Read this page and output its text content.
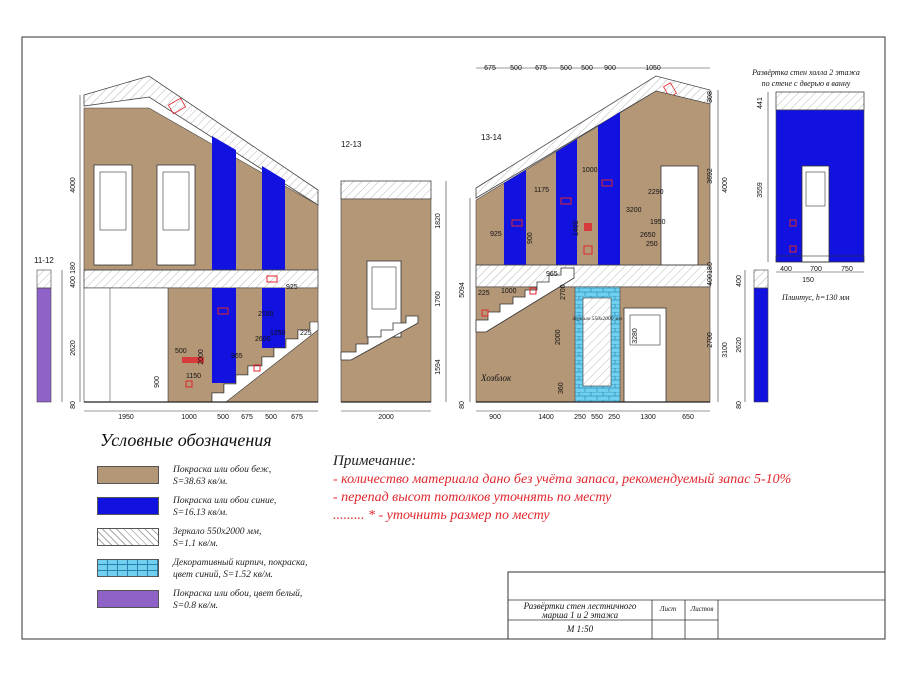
11-12
1950	1000	500 675 500 675
4000
180
400
2620
80
900	1150
500 2000	965
2600
1250
2150
925
225
12-13
1820
1760
1594
2000
13-14
675 500 675 500 500 900	1050
308
3692
4000
180
400
2700
3100
5094
80
900	1400	250 550 250	1300	650
225 1000
1175
925
965
2000
360
2700
900
1400
1000
2290
3200
1950
2650
250
Зеркало 550х2000 мм
3280
Хозблок
Развёртка стен холла 2 этажа
по стене с дверью в ванну
441
3559
400	700	750
150
Плинтус, h=130 мм
400
2620
80
Развёртки стен лестничного
марша 1 и 2 этажа
Лист Листов
М 1:50
Условные обозначения
Покраска или обои беж,
S=38.63 кв/м.
Покраска или обои синие,
S=16.13 кв/м.
Зеркало 550х2000 мм,
S=1.1 кв/м.
Декоративный кирпич, покраска,
цвет синий, S=1.52 кв/м.
Покраска или обои, цвет белый,
S=0.8 кв/м.
Примечание:
- количество материала дано без учёта запаса, рекомендуемый запас 5-10%
- перепад высот потолков уточнять по месту
......... * - уточнить размер по месту
